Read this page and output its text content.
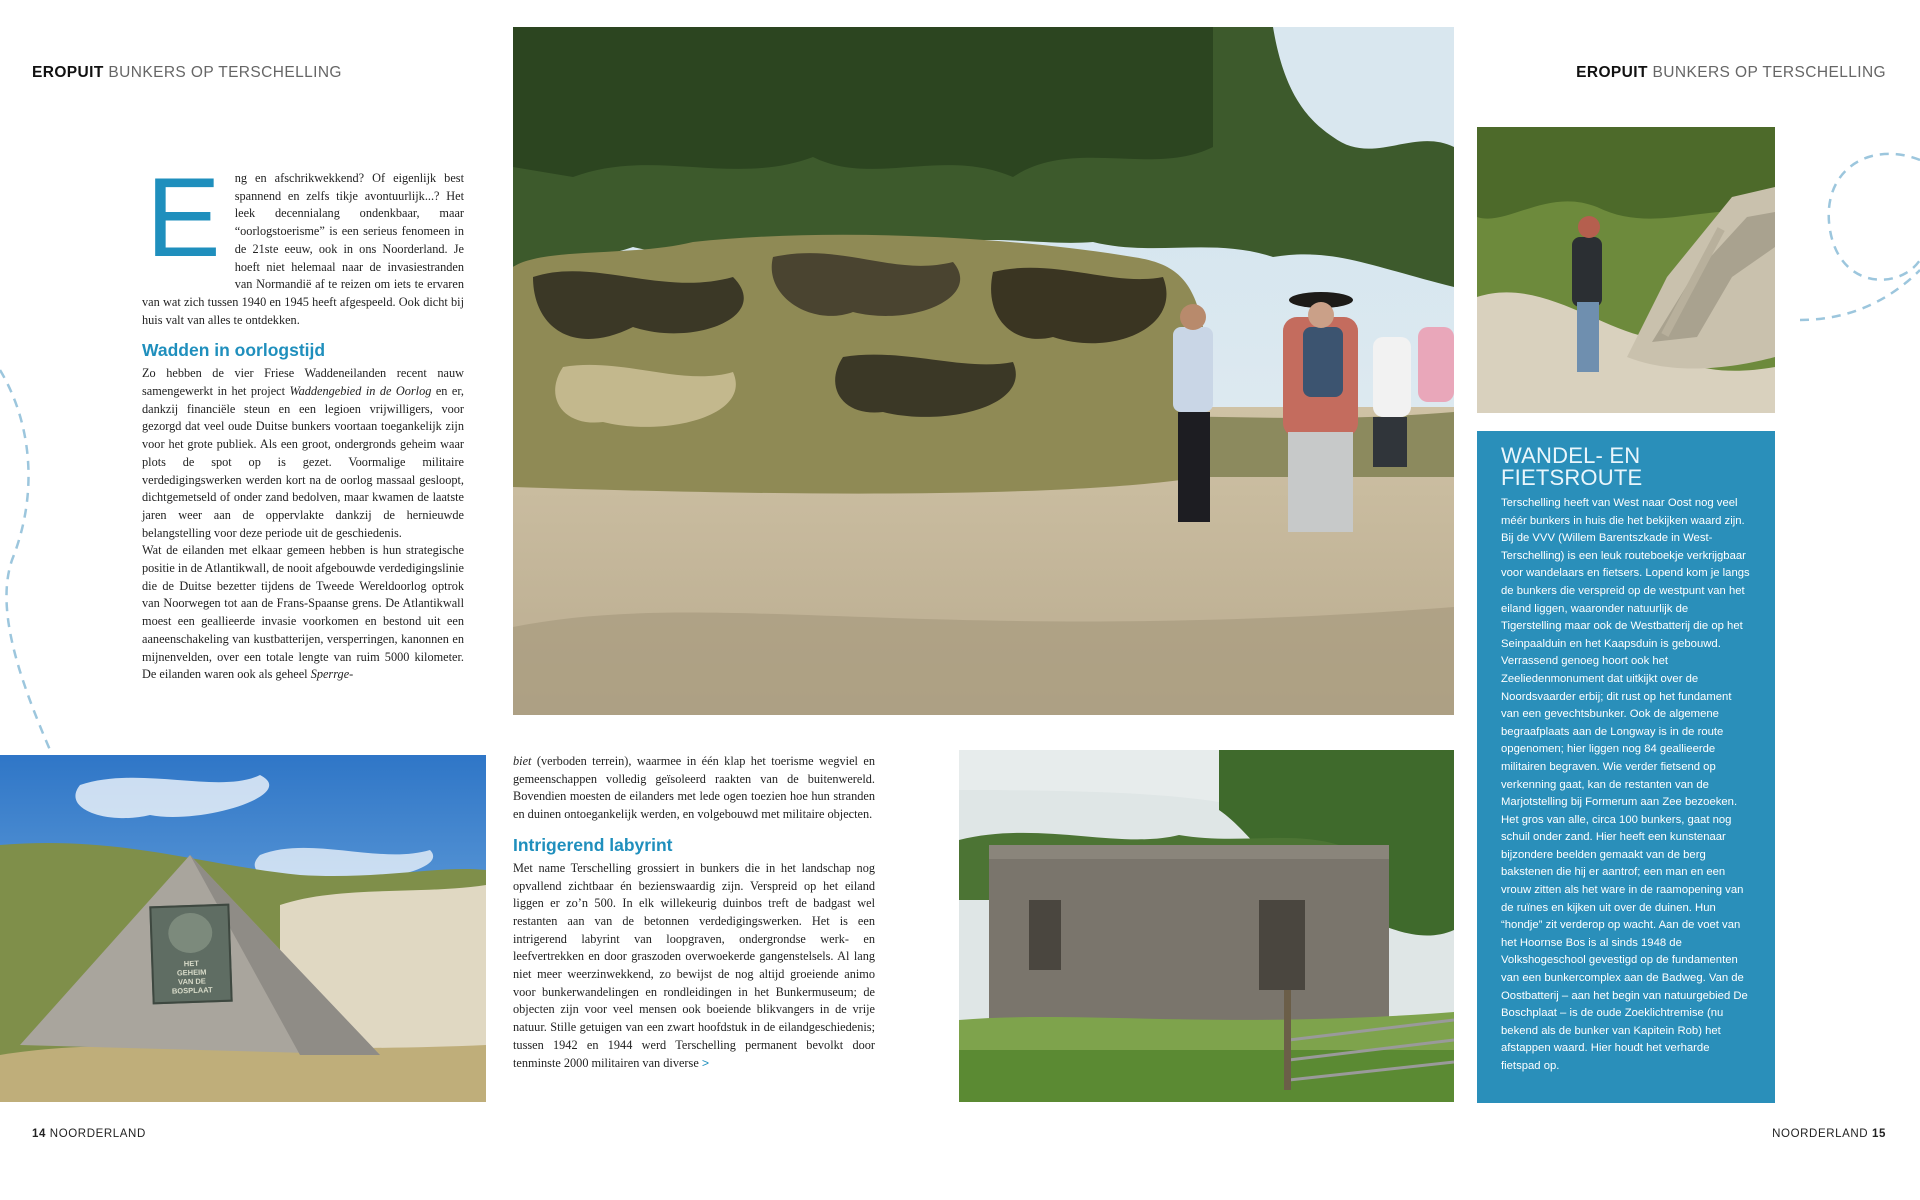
EROPUIT BUNKERS OP TERSCHELLING	EROPUIT BUNKERS OP TERSCHELLING
E	ng en afschrikwekkend? Of eigenlijk best spannend en zelfs tikje avontuurlijk...? Het leek decennialang ondenkbaar, maar “oorlogstoerisme” is een serieus fenomeen in de 21ste eeuw, ook in ons Noorderland. Je hoeft niet helemaal naar de invasiestranden van Normandië af te reizen om iets te ervaren van wat zich tussen 1940 en 1945 heeft afgespeeld. Ook dicht bij huis valt van alles te ontdekken.

Wadden in oorlogstijd

Zo hebben de vier Friese Waddeneilanden recent nauw samengewerkt in het project Waddengebied in de Oorlog en er, dankzij financiële steun en een legioen vrijwilligers, voor gezorgd dat veel oude Duitse bunkers voortaan toegankelijk zijn voor het grote publiek. Als een groot, ondergronds geheim waar plots de spot op is gezet. Voormalige militaire verdedigingswerken werden kort na de oorlog massaal gesloopt, dichtgemetseld of onder zand bedolven, maar kwamen de laatste jaren weer aan de oppervlakte dankzij de hernieuwde belangstelling voor deze periode uit de geschiedenis.

Wat de eilanden met elkaar gemeen hebben is hun strategische positie in de Atlantikwall, de nooit afgebouwde verdedigingslinie die de Duitse bezetter tijdens de Tweede Wereldoorlog optrok van Noorwegen tot aan de Frans-Spaanse grens. De Atlantikwall moest een geallieerde invasie voorkomen en bestond uit een aaneenschakeling van kustbatterijen, versperringen, kanonnen en mijnenvelden, over een totale lengte van ruim 5000 kilometer. De eilanden waren ook als geheel Sperrge-

biet (verboden terrein), waarmee in één klap het toerisme wegviel en gemeenschappen volledig geïsoleerd raakten van de buitenwereld. Bovendien moesten de eilanders met lede ogen toezien hoe hun stranden en duinen ontoegankelijk werden, en volgebouwd met militaire objecten.

Intrigerend labyrint

Met name Terschelling grossiert in bunkers die in het landschap nog opvallend zichtbaar én bezienswaardig zijn. Verspreid op het eiland liggen er zo’n 500. In elk willekeurig duinbos treft de badgast wel restanten aan van de betonnen verdedigingswerken. Het is een intrigerend labyrint van loopgraven, ondergrondse werk- en leefvertrekken en door graszoden overwoekerde gangenstelsels. Al lang niet meer weerzinwekkend, zo bewijst de nog altijd groeiende animo voor bunkerwandelingen en rondleidingen in het Bunkermuseum; de objecten zijn voor veel mensen ook boeiende blikvangers in de vrije natuur. Stille getuigen van een zwart hoofdstuk in de eilandgeschiedenis; tussen 1942 en 1944 werd Terschelling permanent bevolkt door tenminste 2000 militairen van diverse >

HET
GEHEIM
VAN DE
BOSPLAAT
WANDEL- EN
FIETSROUTE

Terschelling heeft van West naar Oost nog veel méér bunkers in huis die het bekijken waard zijn. Bij de VVV (Willem Barentszkade in West-Terschelling) is een leuk routeboekje verkrijgbaar voor wandelaars en fietsers. Lopend kom je langs de bunkers die verspreid op de westpunt van het eiland liggen, waaronder natuurlijk de Tigerstelling maar ook de Westbatterij die op het Seinpaalduin en het Kaapsduin is gebouwd. Verrassend genoeg hoort ook het Zeeliedenmonument dat uitkijkt over de Noordsvaarder erbij; dit rust op het fundament van een gevechtsbunker. Ook de algemene begraafplaats aan de Longway is in de route opgenomen; hier liggen nog 84 geallieerde militairen begraven. Wie verder fietsend op verkenning gaat, kan de restanten van de Marjotstelling bij Formerum aan Zee bezoeken. Het gros van alle, circa 100 bunkers, gaat nog schuil onder zand. Hier heeft een kunstenaar bijzondere beelden gemaakt van de berg bakstenen die hij er aantrof; een man en een vrouw zitten als het ware in de raamopening van de ruïnes en kijken uit over de duinen. Hun “hondje” zit verderop op wacht. Aan de voet van het Hoornse Bos is al sinds 1948 de Volkshogeschool gevestigd op de fundamenten van een bunkercomplex aan de Badweg. Van de Oostbatterij – aan het begin van natuurgebied De Boschplaat – is de oude Zoeklichtremise (nu bekend als de bunker van Kapitein Rob) het afstappen waard. Hier houdt het verharde fietspad op.

14 NOORDERLAND	NOORDERLAND 15
